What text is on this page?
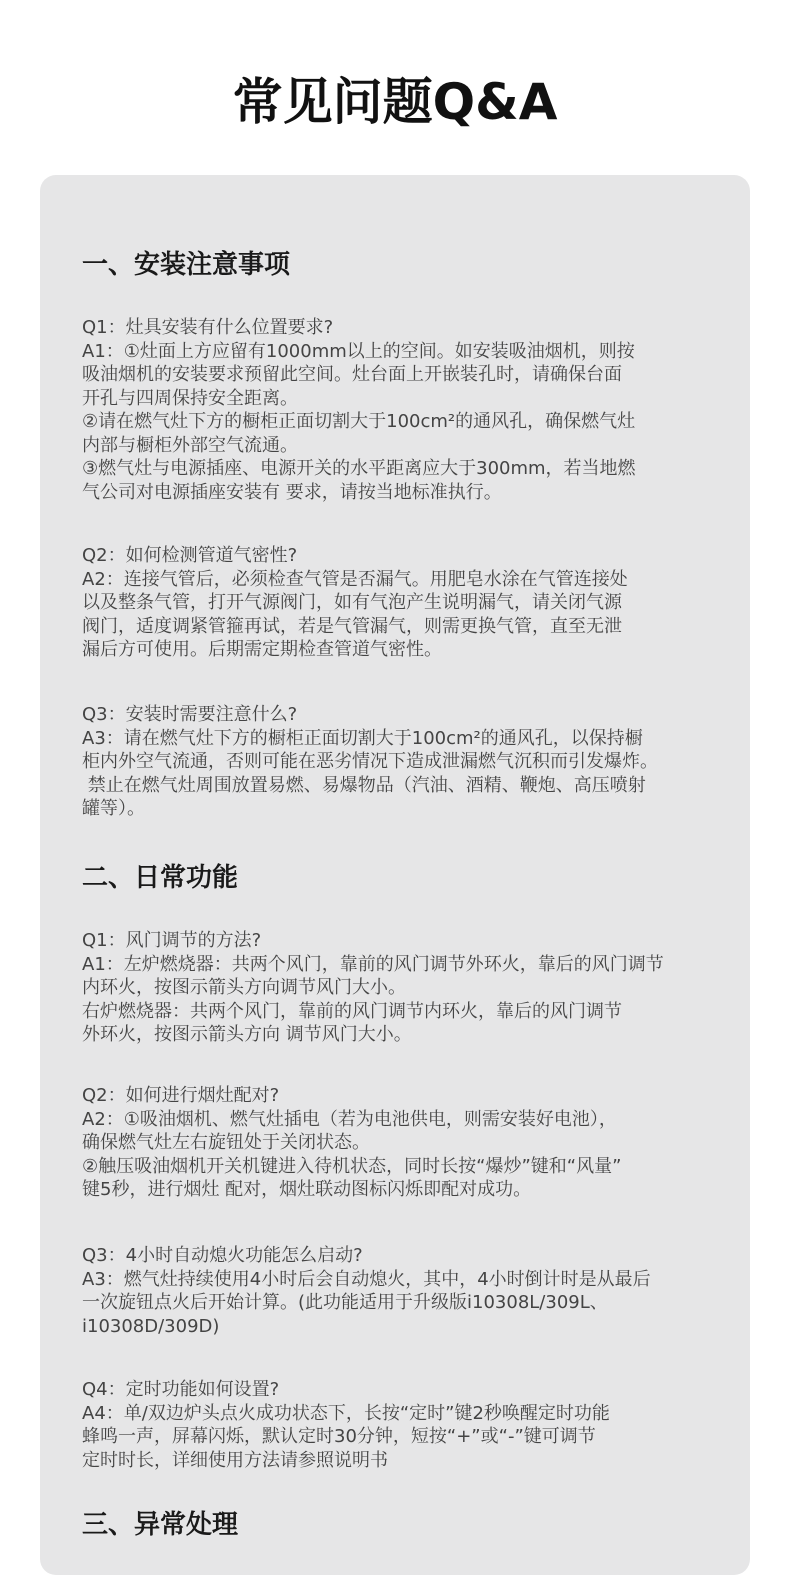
常见问题Q&A
一、安装注意事项
Q1：灶具安装有什么位置要求?
A1：①灶面上方应留有1000mm以上的空间。如安装吸油烟机，则按
吸油烟机的安装要求预留此空间。灶台面上开嵌装孔时，请确保台面
开孔与四周保持安全距离。
②请在燃气灶下方的橱柜正面切割大于100cm²的通风孔，确保燃气灶
内部与橱柜外部空气流通。
③燃气灶与电源插座、电源开关的水平距离应大于300mm，若当地燃
气公司对电源插座安装有 要求，请按当地标准执行。
Q2：如何检测管道气密性?
A2：连接气管后，必须检查气管是否漏气。用肥皂水涂在气管连接处
以及整条气管，打开气源阀门，如有气泡产生说明漏气，请关闭气源
阀门，适度调紧管箍再试，若是气管漏气，则需更换气管，直至无泄
漏后方可使用。后期需定期检查管道气密性。
Q3：安装时需要注意什么?
A3：请在燃气灶下方的橱柜正面切割大于100cm²的通风孔，以保持橱
柜内外空气流通，否则可能在恶劣情况下造成泄漏燃气沉积而引发爆炸。
禁止在燃气灶周围放置易燃、易爆物品（汽油、酒精、鞭炮、高压喷射
罐等）。
二、日常功能
Q1：风门调节的方法?
A1：左炉燃烧器：共两个风门，靠前的风门调节外环火，靠后的风门调节
内环火，按图示箭头方向调节风门大小。
右炉燃烧器：共两个风门，靠前的风门调节内环火，靠后的风门调节
外环火，按图示箭头方向 调节风门大小。
Q2：如何进行烟灶配对?
A2：①吸油烟机、燃气灶插电（若为电池供电，则需安装好电池），
确保燃气灶左右旋钮处于关闭状态。
②触压吸油烟机开关机键进入待机状态，同时长按“爆炒”键和“风量”
键5秒，进行烟灶 配对，烟灶联动图标闪烁即配对成功。
Q3：4小时自动熄火功能怎么启动?
A3：燃气灶持续使用4小时后会自动熄火，其中，4小时倒计时是从最后
一次旋钮点火后开始计算。(此功能适用于升级版i10308L/309L、
i10308D/309D)
Q4：定时功能如何设置?
A4：单/双边炉头点火成功状态下，长按“定时”键2秒唤醒定时功能
蜂鸣一声，屏幕闪烁，默认定时30分钟，短按“+”或“-”键可调节
定时时长，详细使用方法请参照说明书
三、异常处理
